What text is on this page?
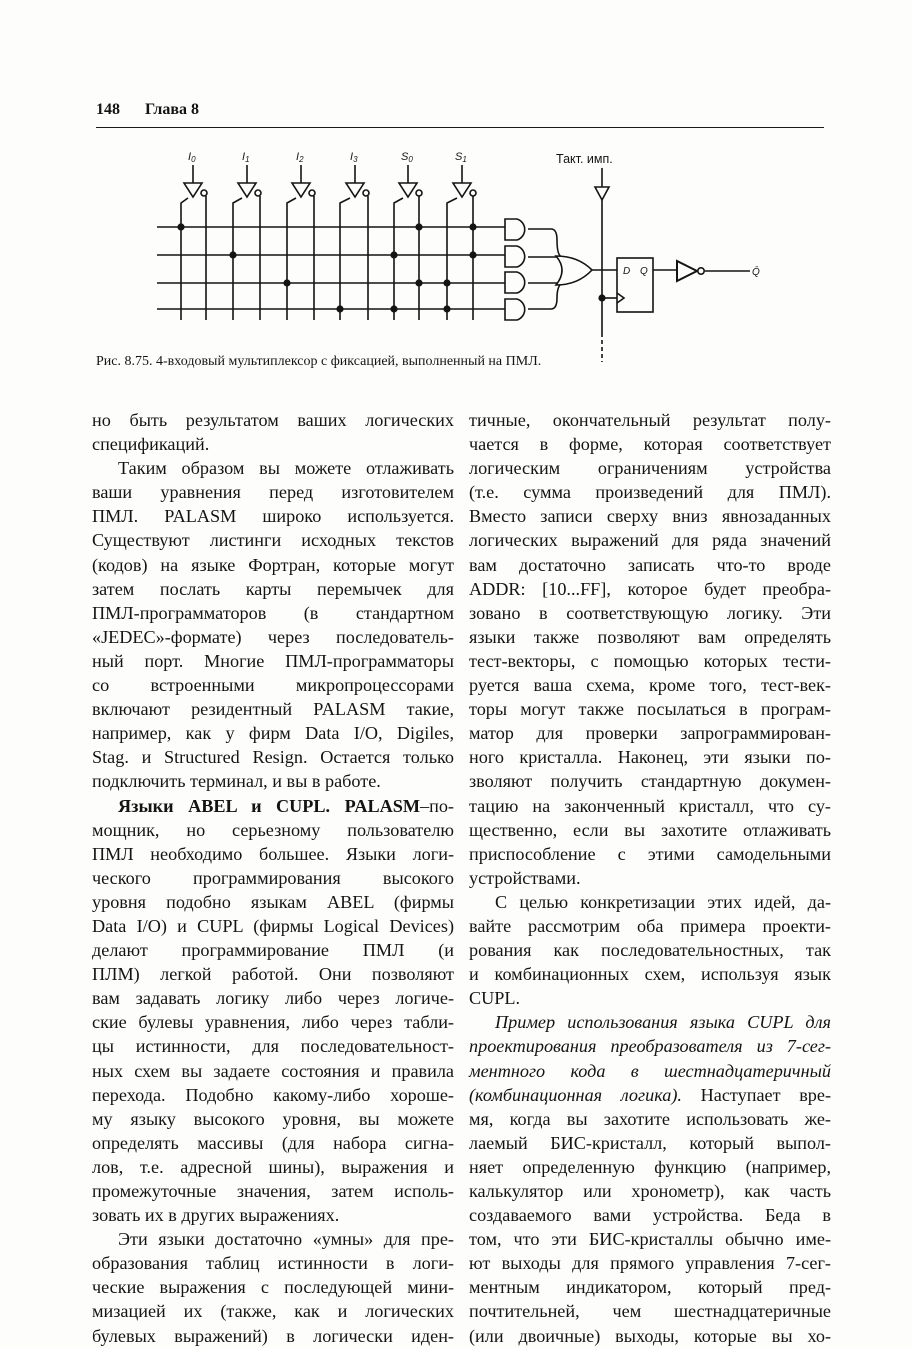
148 Глава 8
I0	I1	I2	I3	S0	S1
D Q	Q̄
Такт. имп.
Рис. 8.75. 4-входовый мультиплексор с фиксацией, выполненный на ПМЛ.
но быть результатом ваших логических
спецификаций.
Таким образом вы можете отлаживать
ваши уравнения перед изготовителем
ПМЛ. PALASM широко используется.
Существуют листинги исходных текстов
(кодов) на языке Фортран, которые могут
затем послать карты перемычек для
ПМЛ-программаторов (в стандартном
«JEDEC»-формате) через последователь-
ный порт. Многие ПМЛ-программаторы
со встроенными микропроцессорами
включают резидентный PALASM такие,
например, как у фирм Data I/O, Digiles,
Stag. и Structured Resign. Остается только
подключить терминал, и вы в работе.
Языки ABEL и CUPL. PALASM–по-
мощник, но серьезному пользователю
ПМЛ необходимо большее. Языки логи-
ческого программирования высокого
уровня подобно языкам ABEL (фирмы
Data I/O) и CUPL (фирмы Logical Devices)
делают программирование ПМЛ (и
ПЛМ) легкой работой. Они позволяют
вам задавать логику либо через логиче-
ские булевы уравнения, либо через табли-
цы истинности, для последовательност-
ных схем вы задаете состояния и правила
перехода. Подобно какому-либо хороше-
му языку высокого уровня, вы можете
определять массивы (для набора сигна-
лов, т.е. адресной шины), выражения и
промежуточные значения, затем исполь-
зовать их в других выражениях.
Эти языки достаточно «умны» для пре-
образования таблиц истинности в логи-
ческие выражения с последующей мини-
мизацией их (также, как и логических
булевых выражений) в логически иден-
тичные, окончательный результат полу-
чается в форме, которая соответствует
логическим ограничениям устройства
(т.е. сумма произведений для ПМЛ).
Вместо записи сверху вниз явнозаданных
логических выражений для ряда значений
вам достаточно записать что-то вроде
ADDR: [10...FF], которое будет преобра-
зовано в соответствующую логику. Эти
языки также позволяют вам определять
тест-векторы, с помощью которых тести-
руется ваша схема, кроме того, тест-век-
торы могут также посылаться в програм-
матор для проверки запрограммирован-
ного кристалла. Наконец, эти языки по-
зволяют получить стандартную докумен-
тацию на законченный кристалл, что су-
щественно, если вы захотите отлаживать
приспособление с этими самодельными
устройствами.
С целью конкретизации этих идей, да-
вайте рассмотрим оба примера проекти-
рования как последовательностных, так
и комбинационных схем, используя язык
CUPL.
Пример использования языка CUPL для
проектирования преобразователя из 7-сег-
ментного кода в шестнадцатеричный
(комбинационная логика). Наступает вре-
мя, когда вы захотите использовать же-
лаемый БИС-кристалл, который выпол-
няет определенную функцию (например,
калькулятор или хронометр), как часть
создаваемого вами устройства. Беда в
том, что эти БИС-кристаллы обычно име-
ют выходы для прямого управления 7-сег-
ментным индикатором, который пред-
почтительней, чем шестнадцатеричные
(или двоичные) выходы, которые вы хо-
